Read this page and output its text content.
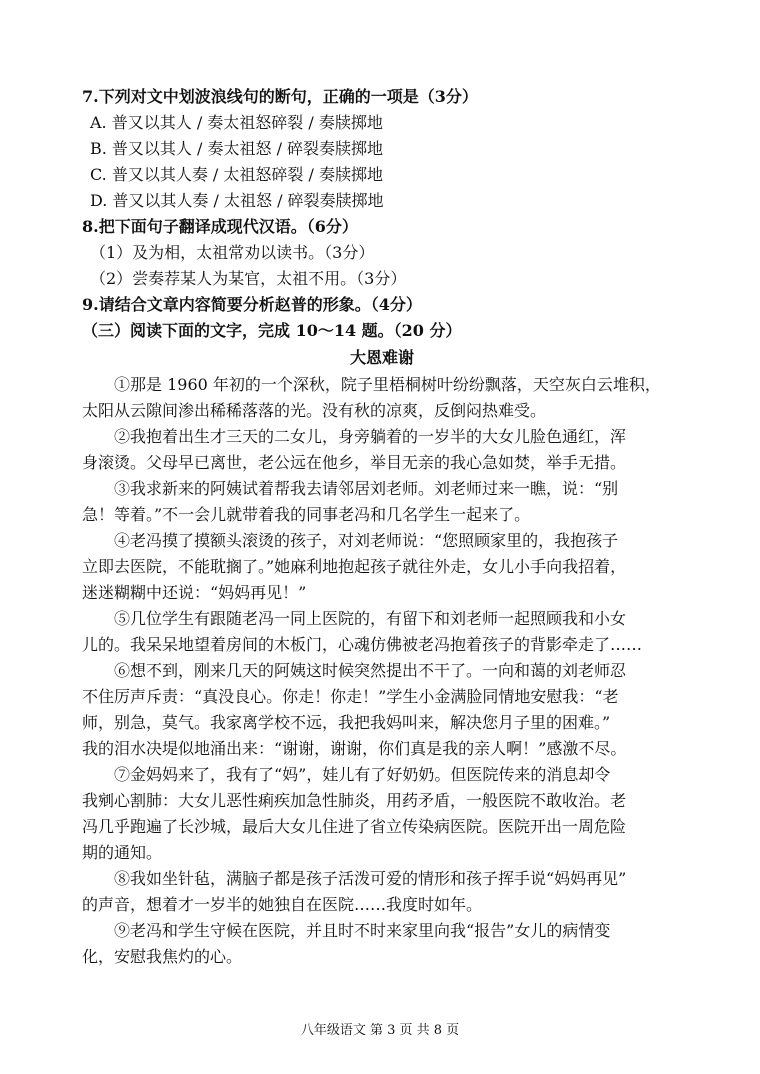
7.下列对文中划波浪线句的断句，正确的一项是（3分）
A. 普又以其人 / 奏太祖怒碎裂 / 奏牍掷地
B. 普又以其人 / 奏太祖怒 / 碎裂奏牍掷地
C. 普又以其人奏 / 太祖怒碎裂 / 奏牍掷地
D. 普又以其人奏 / 太祖怒 / 碎裂奏牍掷地
8.把下面句子翻译成现代汉语。（6分）
（1）及为相，太祖常劝以读书。（3分）
（2）尝奏荐某人为某官，太祖不用。（3分）
9.请结合文章内容简要分析赵普的形象。（4分）
（三）阅读下面的文字，完成 10～14 题。（20 分）
大恩难谢
①那是 1960 年初的一个深秋，院子里梧桐树叶纷纷飘落，天空灰白云堆积，
太阳从云隙间渗出稀稀落落的光。没有秋的凉爽，反倒闷热难受。
②我抱着出生才三天的二女儿，身旁躺着的一岁半的大女儿脸色通红，浑
身滚烫。父母早已离世，老公远在他乡，举目无亲的我心急如焚，举手无措。
③我求新来的阿姨试着帮我去请邻居刘老师。刘老师过来一瞧，说：“别
急！等着。”不一会儿就带着我的同事老冯和几名学生一起来了。
④老冯摸了摸额头滚烫的孩子，对刘老师说：“您照顾家里的，我抱孩子
立即去医院，不能耽搁了。”她麻利地抱起孩子就往外走，女儿小手向我招着，
迷迷糊糊中还说：“妈妈再见！”
⑤几位学生有跟随老冯一同上医院的，有留下和刘老师一起照顾我和小女
儿的。我呆呆地望着房间的木板门，心魂仿佛被老冯抱着孩子的背影牵走了……
⑥想不到，刚来几天的阿姨这时候突然提出不干了。一向和蔼的刘老师忍
不住厉声斥责：“真没良心。你走！你走！”学生小金满脸同情地安慰我：“老
师，别急，莫气。我家离学校不远，我把我妈叫来，解决您月子里的困难。”
我的泪水决堤似地涌出来：“谢谢，谢谢，你们真是我的亲人啊！”感激不尽。
⑦金妈妈来了，我有了“妈”，娃儿有了好奶奶。但医院传来的消息却令
我剜心割肺：大女儿恶性痢疾加急性肺炎，用药矛盾，一般医院不敢收治。老
冯几乎跑遍了长沙城，最后大女儿住进了省立传染病医院。医院开出一周危险
期的通知。
⑧我如坐针毡，满脑子都是孩子活泼可爱的情形和孩子挥手说“妈妈再见”
的声音，想着才一岁半的她独自在医院……我度时如年。
⑨老冯和学生守候在医院，并且时不时来家里向我“报告”女儿的病情变
化，安慰我焦灼的心。
八年级语文 第 3 页 共 8 页
